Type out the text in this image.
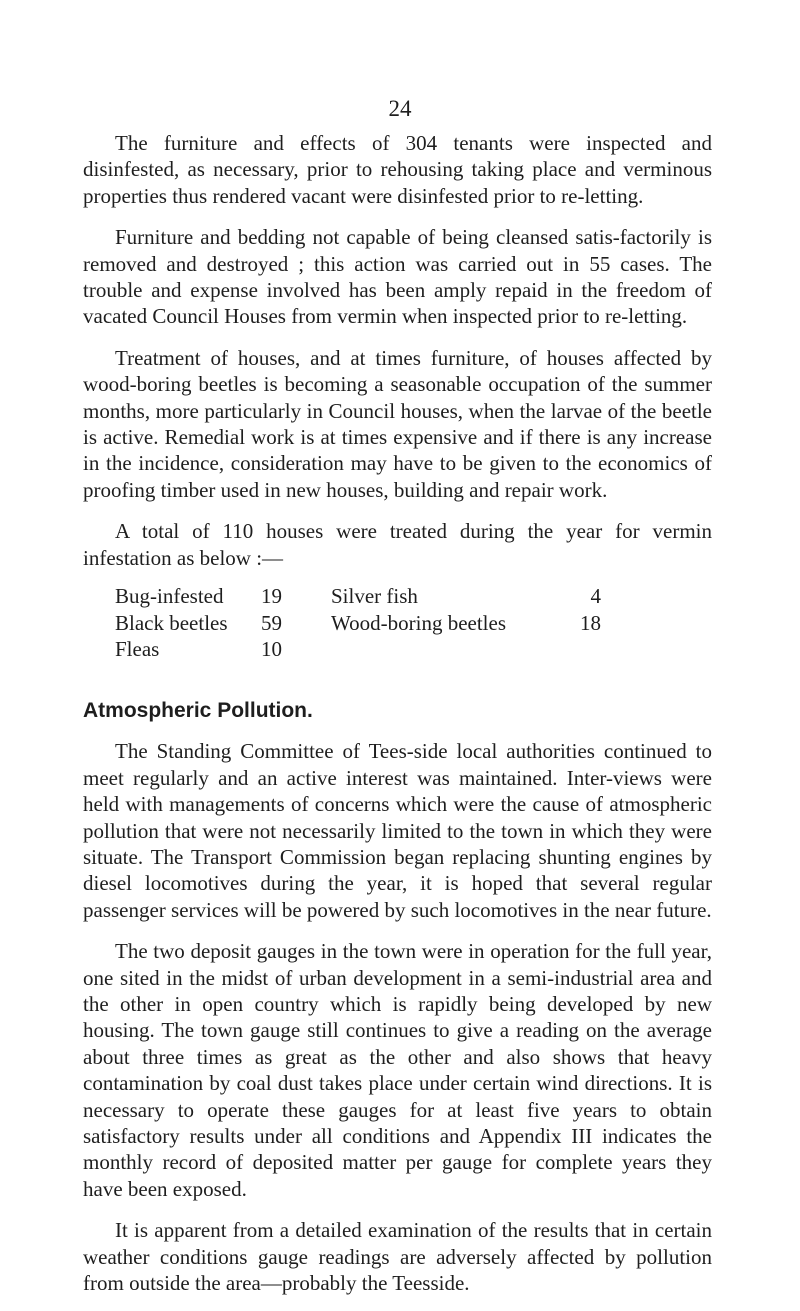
24

The furniture and effects of 304 tenants were inspected and disinfested, as necessary, prior to rehousing taking place and verminous properties thus rendered vacant were disinfested prior to re-letting.

Furniture and bedding not capable of being cleansed satis-factorily is removed and destroyed ; this action was carried out in 55 cases. The trouble and expense involved has been amply repaid in the freedom of vacated Council Houses from vermin when inspected prior to re-letting.

Treatment of houses, and at times furniture, of houses affected by wood-boring beetles is becoming a seasonable occupation of the summer months, more particularly in Council houses, when the larvae of the beetle is active. Remedial work is at times expensive and if there is any increase in the incidence, consideration may have to be given to the economics of proofing timber used in new houses, building and repair work.

A total of 110 houses were treated during the year for vermin infestation as below :—

Bug-infested	19	Silver fish	4
Black beetles	59	Wood-boring beetles	18
Fleas	10		
Atmospheric Pollution.

The Standing Committee of Tees-side local authorities continued to meet regularly and an active interest was maintained. Inter-views were held with managements of concerns which were the cause of atmospheric pollution that were not necessarily limited to the town in which they were situate. The Transport Commission began replacing shunting engines by diesel locomotives during the year, it is hoped that several regular passenger services will be powered by such locomotives in the near future.

The two deposit gauges in the town were in operation for the full year, one sited in the midst of urban development in a semi-industrial area and the other in open country which is rapidly being developed by new housing. The town gauge still continues to give a reading on the average about three times as great as the other and also shows that heavy contamination by coal dust takes place under certain wind directions. It is necessary to operate these gauges for at least five years to obtain satisfactory results under all conditions and Appendix III indicates the monthly record of deposited matter per gauge for complete years they have been exposed.

It is apparent from a detailed examination of the results that in certain weather conditions gauge readings are adversely affected by pollution from outside the area—probably the Teesside.
